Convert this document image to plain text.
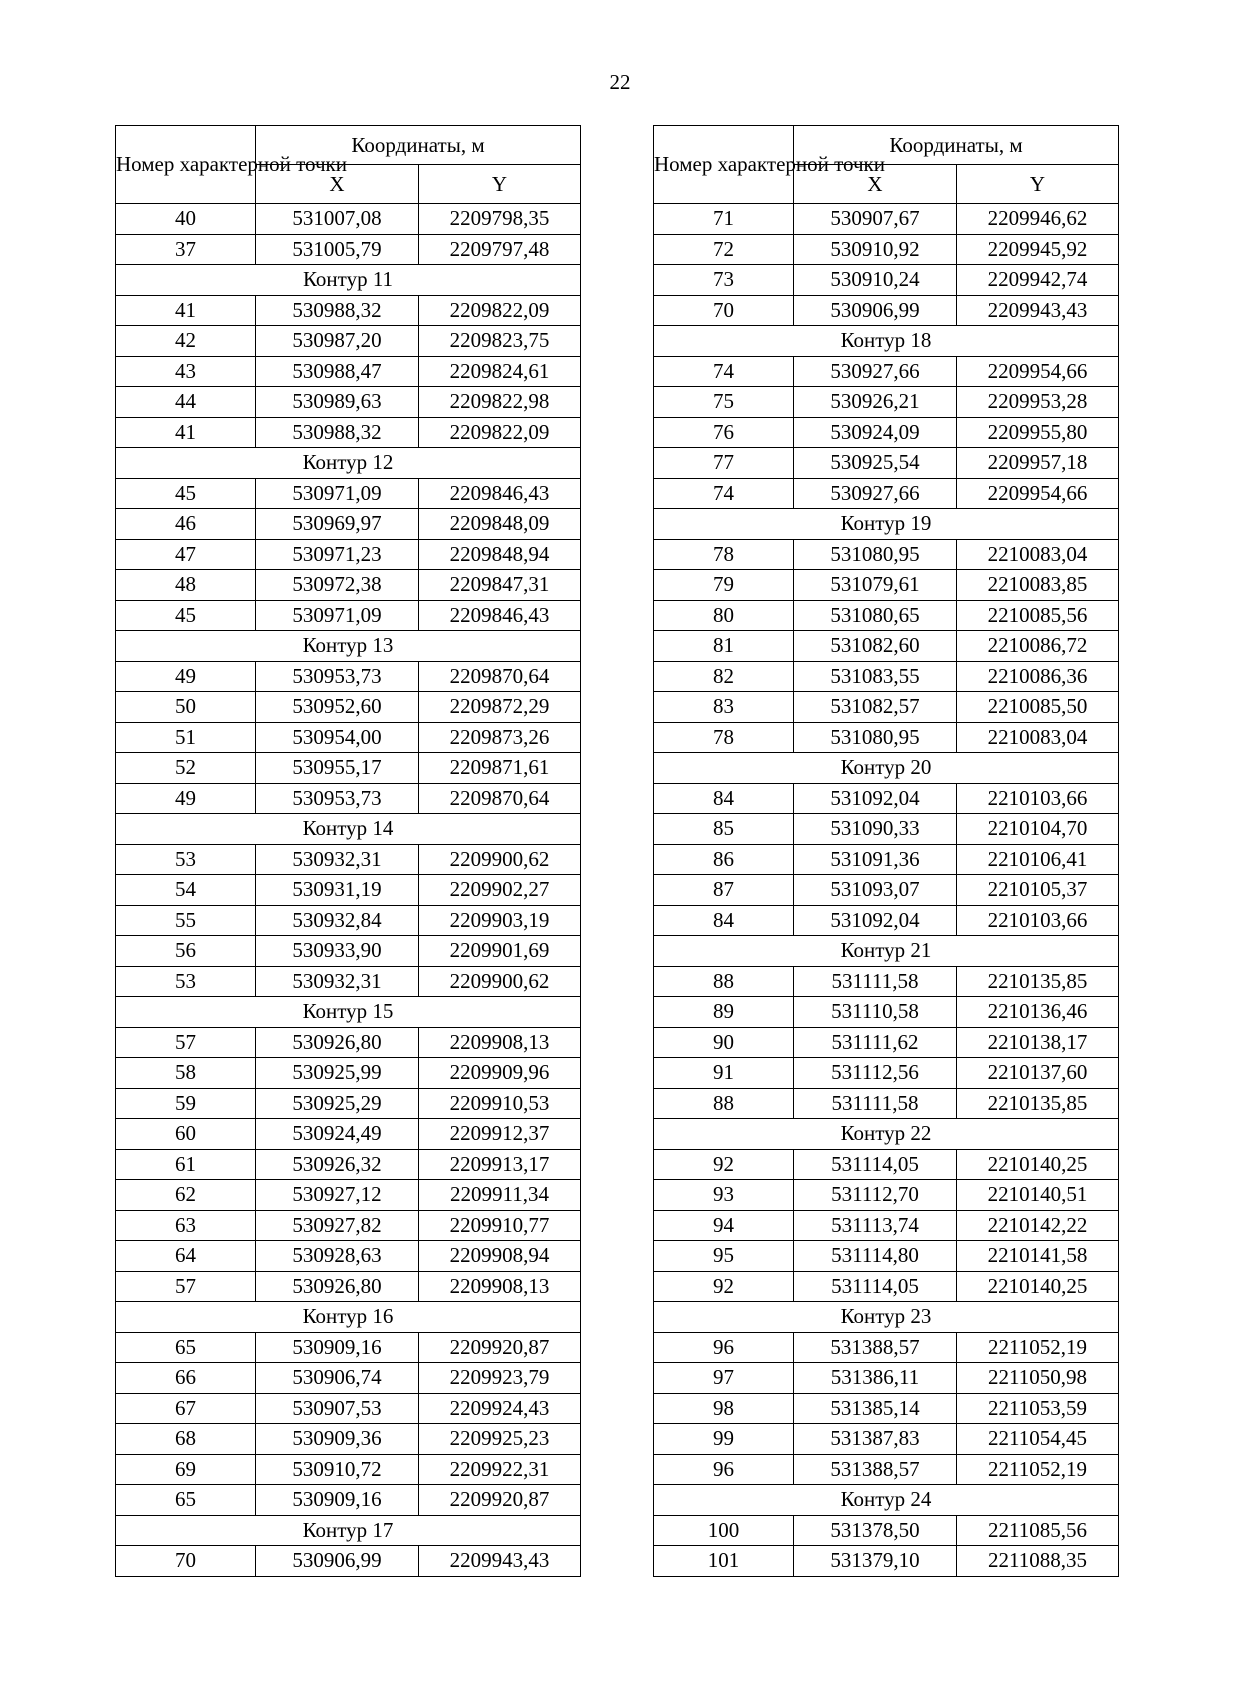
22
Номер характерной точки	Координаты, м	
	X	Y
40	531007,08	2209798,35
37	531005,79	2209797,48
Контур 11		
41	530988,32	2209822,09
42	530987,20	2209823,75
43	530988,47	2209824,61
44	530989,63	2209822,98
41	530988,32	2209822,09
Контур 12		
45	530971,09	2209846,43
46	530969,97	2209848,09
47	530971,23	2209848,94
48	530972,38	2209847,31
45	530971,09	2209846,43
Контур 13		
49	530953,73	2209870,64
50	530952,60	2209872,29
51	530954,00	2209873,26
52	530955,17	2209871,61
49	530953,73	2209870,64
Контур 14		
53	530932,31	2209900,62
54	530931,19	2209902,27
55	530932,84	2209903,19
56	530933,90	2209901,69
53	530932,31	2209900,62
Контур 15		
57	530926,80	2209908,13
58	530925,99	2209909,96
59	530925,29	2209910,53
60	530924,49	2209912,37
61	530926,32	2209913,17
62	530927,12	2209911,34
63	530927,82	2209910,77
64	530928,63	2209908,94
57	530926,80	2209908,13
Контур 16		
65	530909,16	2209920,87
66	530906,74	2209923,79
67	530907,53	2209924,43
68	530909,36	2209925,23
69	530910,72	2209922,31
65	530909,16	2209920,87
Контур 17		
70	530906,99	2209943,43
Номер характерной точки	Координаты, м	
	X	Y
71	530907,67	2209946,62
72	530910,92	2209945,92
73	530910,24	2209942,74
70	530906,99	2209943,43
Контур 18		
74	530927,66	2209954,66
75	530926,21	2209953,28
76	530924,09	2209955,80
77	530925,54	2209957,18
74	530927,66	2209954,66
Контур 19		
78	531080,95	2210083,04
79	531079,61	2210083,85
80	531080,65	2210085,56
81	531082,60	2210086,72
82	531083,55	2210086,36
83	531082,57	2210085,50
78	531080,95	2210083,04
Контур 20		
84	531092,04	2210103,66
85	531090,33	2210104,70
86	531091,36	2210106,41
87	531093,07	2210105,37
84	531092,04	2210103,66
Контур 21		
88	531111,58	2210135,85
89	531110,58	2210136,46
90	531111,62	2210138,17
91	531112,56	2210137,60
88	531111,58	2210135,85
Контур 22		
92	531114,05	2210140,25
93	531112,70	2210140,51
94	531113,74	2210142,22
95	531114,80	2210141,58
92	531114,05	2210140,25
Контур 23		
96	531388,57	2211052,19
97	531386,11	2211050,98
98	531385,14	2211053,59
99	531387,83	2211054,45
96	531388,57	2211052,19
Контур 24		
100	531378,50	2211085,56
101	531379,10	2211088,35
